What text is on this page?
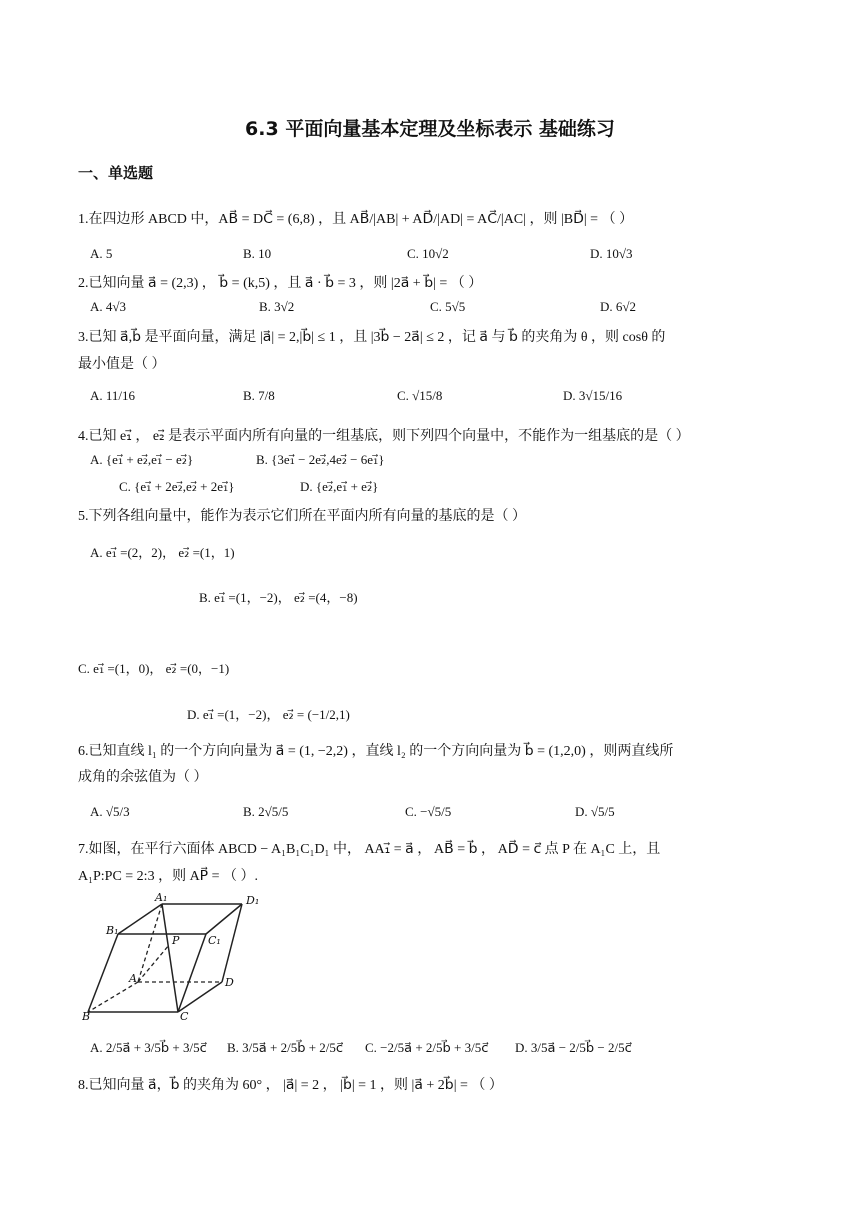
6.3 平面向量基本定理及坐标表示 基础练习
一、单选题
1.在四边形 ABCD 中，AB⃗ = DC⃗ = (6,8) ，且 AB⃗/|AB| + AD⃗/|AD| = AC⃗/|AC| ，则 |BD⃗| = （ ）
A. 5	B. 10	C. 10√2	D. 10√3
2.已知向量 a⃗ = (2,3) ， b⃗ = (k,5) ，且 a⃗ · b⃗ = 3 ，则 |2a⃗ + b⃗| = （ ）
A. 4√3	B. 3√2	C. 5√5	D. 6√2
3.已知 a⃗,b⃗ 是平面向量，满足 |a⃗| = 2,|b⃗| ≤ 1 ，且 |3b⃗ − 2a⃗| ≤ 2 ，记 a⃗ 与 b⃗ 的夹角为 θ ，则 cosθ 的
最小值是（ ）
A. 11/16	B. 7/8	C. √15/8	D. 3√15/16
4.已知 e₁⃗ ， e₂⃗ 是表示平面内所有向量的一组基底，则下列四个向量中，不能作为一组基底的是（ ）
A. {e₁⃗ + e₂⃗,e₁⃗ − e₂⃗}	B. {3e₁⃗ − 2e₂⃗,4e₂⃗ − 6e₁⃗}
C. {e₁⃗ + 2e₂⃗,e₂⃗ + 2e₁⃗}	D. {e₂⃗,e₁⃗ + e₂⃗}
5.下列各组向量中，能作为表示它们所在平面内所有向量的基底的是（ ）
A. e₁⃗ =(2，2)， e₂⃗ =(1，1)
B. e₁⃗ =(1，−2)， e₂⃗ =(4，−8)
C. e₁⃗ =(1，0)， e₂⃗ =(0，−1)
D. e₁⃗ =(1，−2)， e₂⃗ = (−1/2,1)
6.已知直线 l₁ 的一个方向向量为 a⃗ = (1, −2,2) ，直线 l₂ 的一个方向向量为 b⃗ = (1,2,0) ，则两直线所
成角的余弦值为（ ）
A. √5/3	B. 2√5/5	C. −√5/5	D. √5/5
7.如图，在平行六面体 ABCD − A₁B₁C₁D₁ 中， AA₁⃗ = a⃗ ， AB⃗ = b⃗ ， AD⃗ = c⃗ 点 P 在 A₁C 上，且
A₁P:PC = 2:3 ，则 AP⃗ = （ ）.
A₁	D₁
B₁
P	C₁
A	D
B	C
A. 2/5a⃗ + 3/5b⃗ + 3/5c⃗ B. 3/5a⃗ + 2/5b⃗ + 2/5c⃗ C. −2/5a⃗ + 2/5b⃗ + 3/5c⃗ D. 3/5a⃗ − 2/5b⃗ − 2/5c⃗
8.已知向量 a⃗，b⃗ 的夹角为 60° ， |a⃗| = 2 ， |b⃗| = 1 ，则 |a⃗ + 2b⃗| = （ ）
